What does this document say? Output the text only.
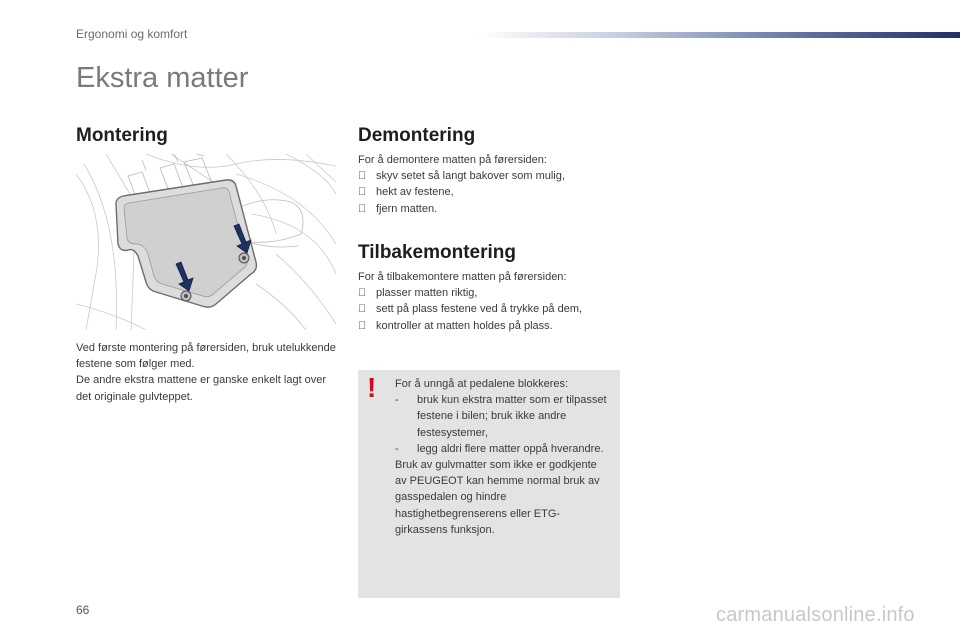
Ergonomi og komfort
Ekstra matter
Montering

Ved første montering på førersiden, bruk utelukkende festene som følger med.

De andre ekstra mattene er ganske enkelt lagt over det originale gulvteppet.

Demontering

For å demontere matten på førersiden:

skyv setet så langt bakover som mulig,
hekt av festene,
fjern matten.
Tilbakemontering

For å tilbakemontere matten på førersiden:

plasser matten riktig,
sett på plass festene ved å trykke på dem,
kontroller at matten holdes på plass.
! For å unngå at pedalene blokkeres:

- bruk kun ekstra matter som er tilpasset festene i bilen; bruk ikke andre festesystemer,
- legg aldri flere matter oppå hverandre.

Bruk av gulvmatter som ikke er godkjente av PEUGEOT kan hemme normal bruk av gasspedalen og hindre hastighetbegrenserens eller ETG-girkassens funksjon.

66	carmanualsonline.info
